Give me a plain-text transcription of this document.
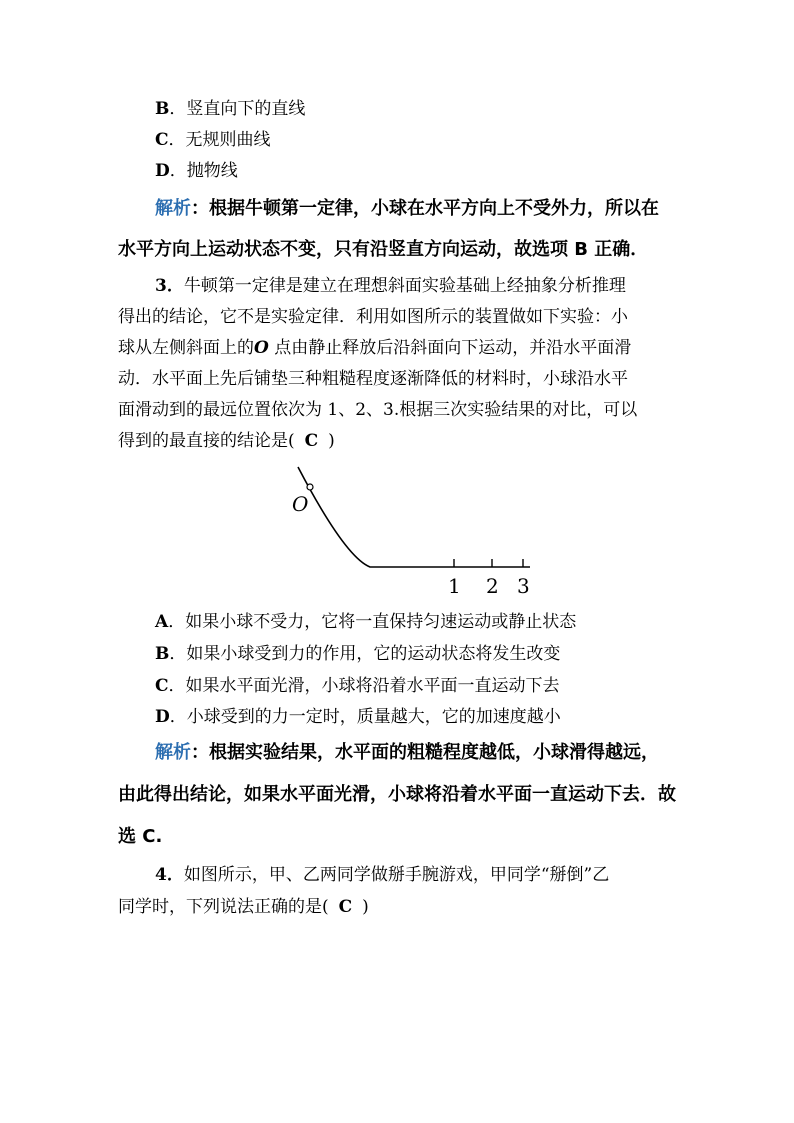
B．竖直向下的直线
C．无规则曲线
D．抛物线
解析：根据牛顿第一定律，小球在水平方向上不受外力，所以在
水平方向上运动状态不变，只有沿竖直方向运动，故选项 B 正确．
3．牛顿第一定律是建立在理想斜面实验基础上经抽象分析推理
得出的结论，它不是实验定律．利用如图所示的装置做如下实验：小
球从左侧斜面上的O 点由静止释放后沿斜面向下运动，并沿水平面滑
动．水平面上先后铺垫三种粗糙程度逐渐降低的材料时，小球沿水平
面滑动到的最远位置依次为 1、2、3.根据三次实验结果的对比，可以
得到的最直接的结论是( C )
O
1 2 3
A．如果小球不受力，它将一直保持匀速运动或静止状态
B．如果小球受到力的作用，它的运动状态将发生改变
C．如果水平面光滑，小球将沿着水平面一直运动下去
D．小球受到的力一定时，质量越大，它的加速度越小
解析：根据实验结果，水平面的粗糙程度越低，小球滑得越远，
由此得出结论，如果水平面光滑，小球将沿着水平面一直运动下去．故
选 C.
4．如图所示，甲、乙两同学做掰手腕游戏，甲同学“掰倒”乙
同学时，下列说法正确的是( C )
